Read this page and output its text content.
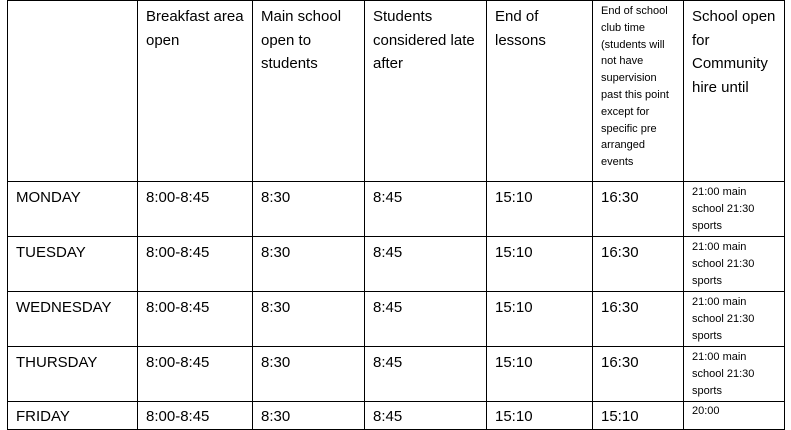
	Breakfast area open	Main school open to students	Students considered late after	End of lessons	End of school club time (students will not have supervision past this point except for specific pre arranged events	School open for Community hire until
MONDAY	8:00-8:45	8:30	8:45	15:10	16:30	21:00 main school 21:30 sports
TUESDAY	8:00-8:45	8:30	8:45	15:10	16:30	21:00 main school 21:30 sports
WEDNESDAY	8:00-8:45	8:30	8:45	15:10	16:30	21:00 main school 21:30 sports
THURSDAY	8:00-8:45	8:30	8:45	15:10	16:30	21:00 main school 21:30 sports
FRIDAY	8:00-8:45	8:30	8:45	15:10	15:10	20:00
